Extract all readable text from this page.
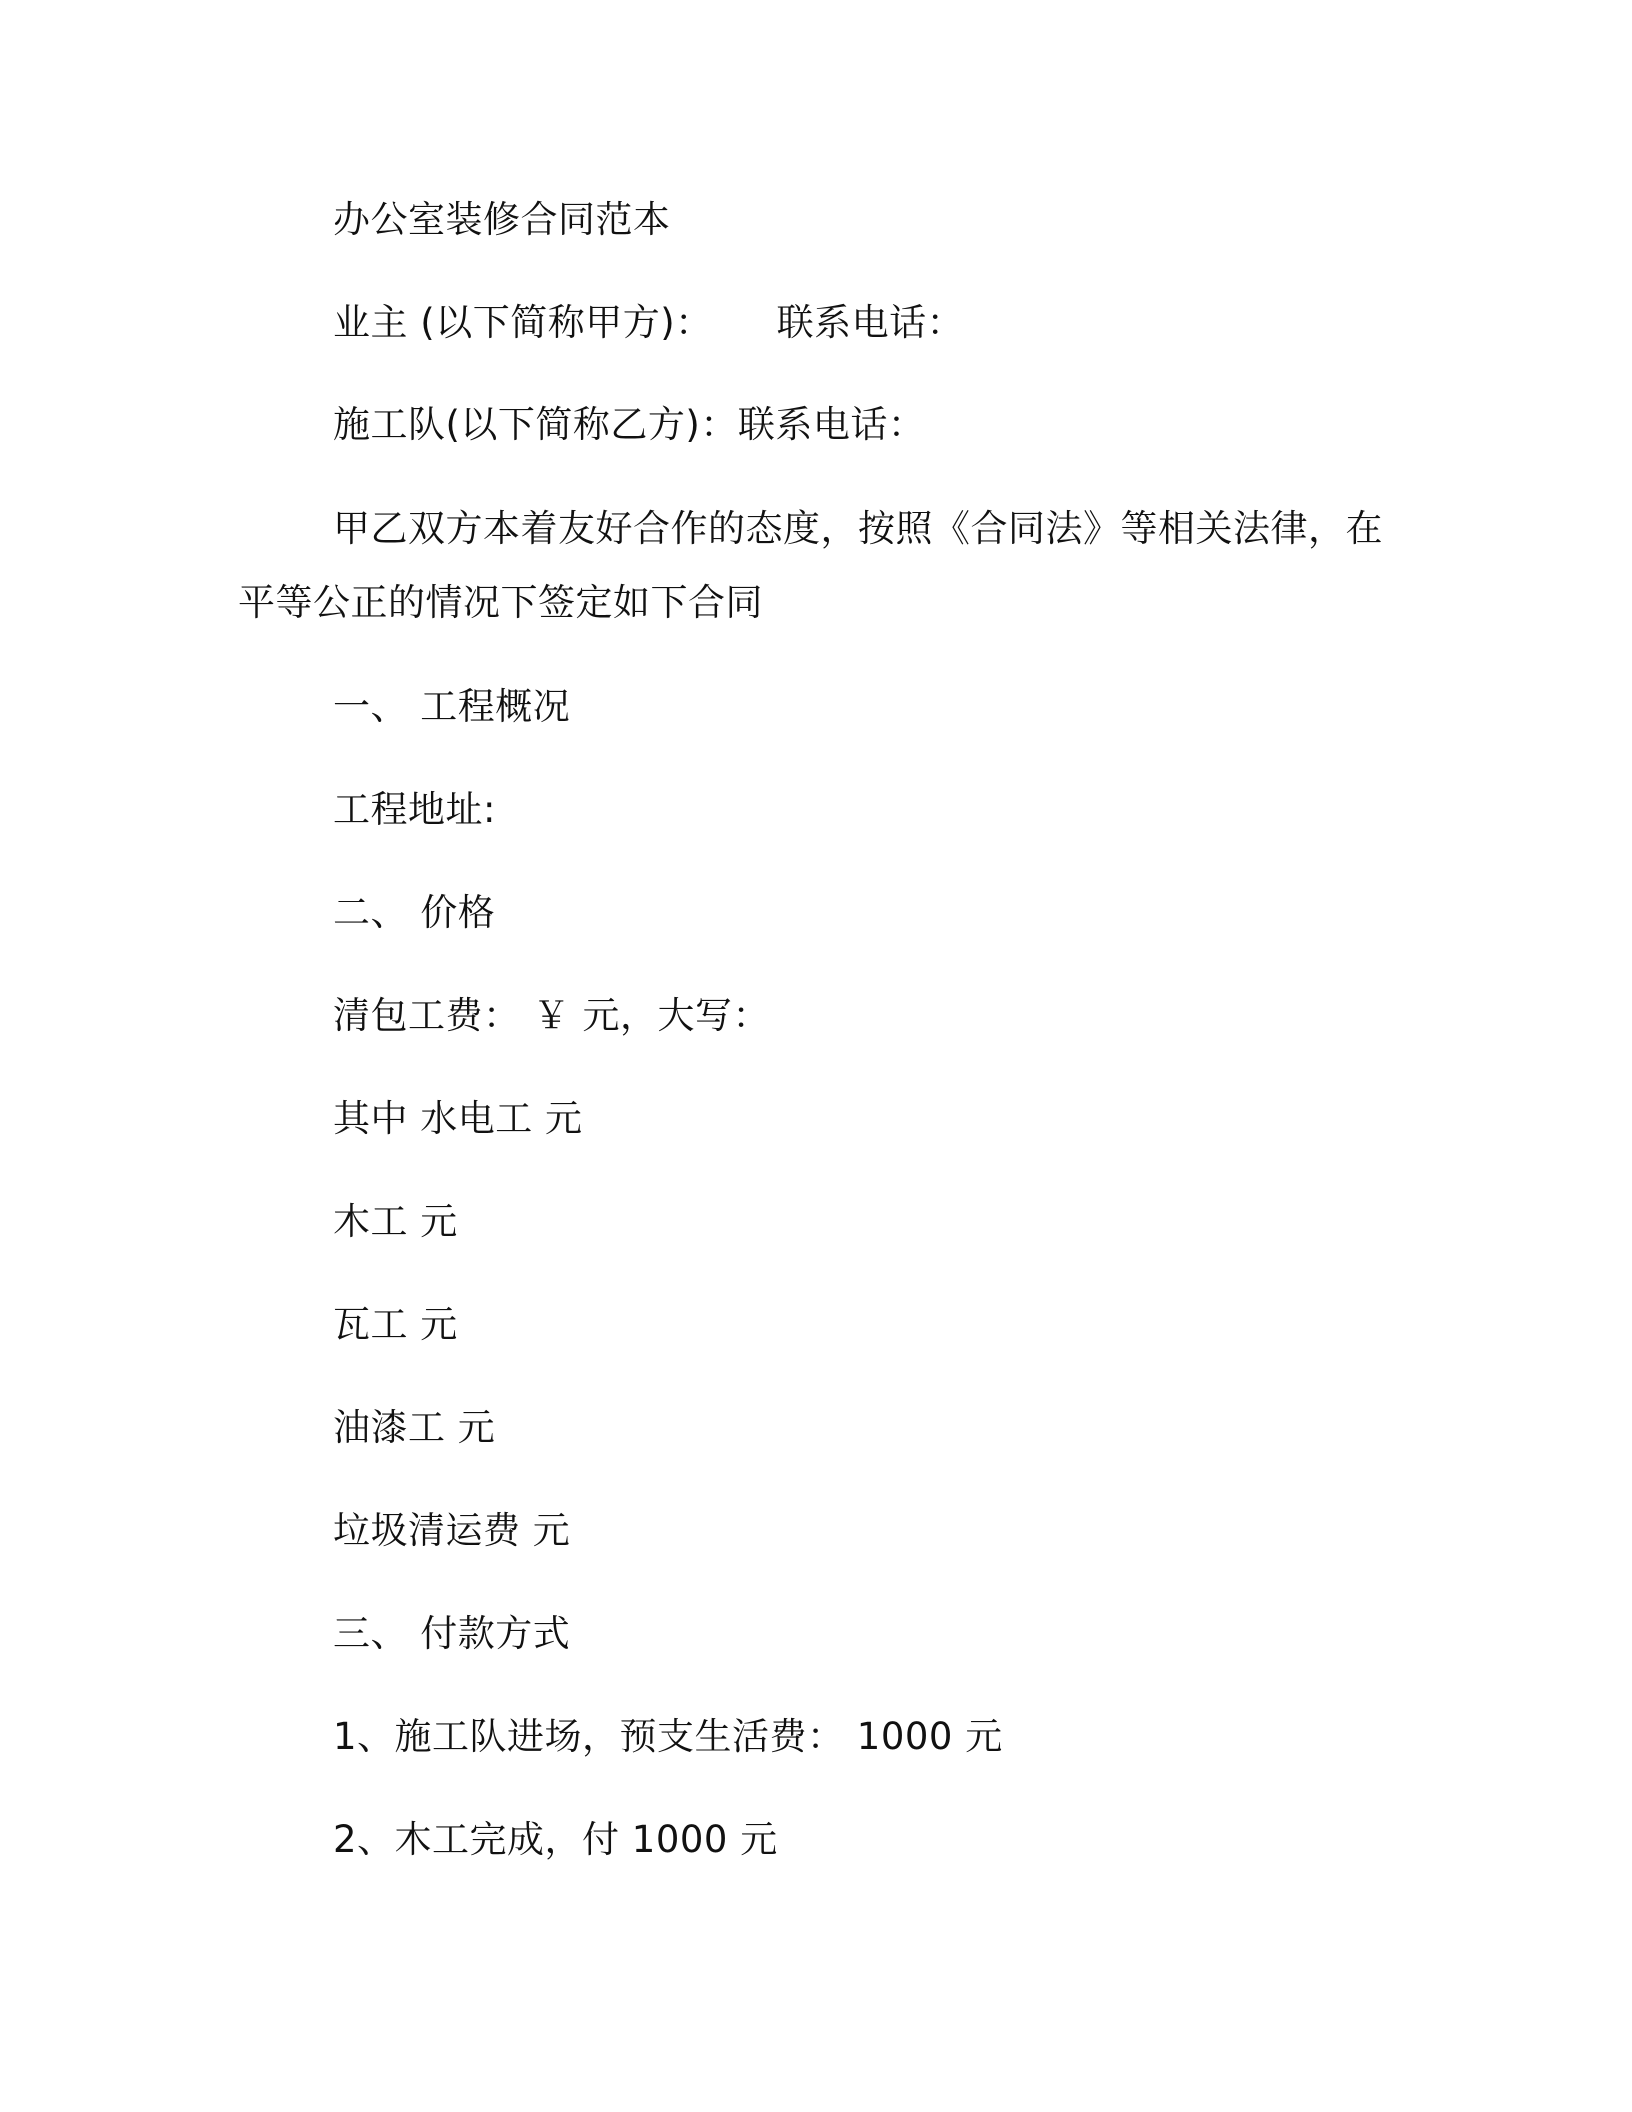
办公室装修合同范本
业主 (以下简称甲方)： 联系电话：
施工队(以下简称乙方)：联系电话：
甲乙双方本着友好合作的态度，按照《合同法》等相关法律，在
平等公正的情况下签定如下合同
一、 工程概况
工程地址:
二、 价格
清包工费： ￥ 元，大写：
其中 水电工 元
木工 元
瓦工 元
油漆工 元
垃圾清运费 元
三、 付款方式
1、施工队进场，预支生活费： 1000 元
2、木工完成，付 1000 元
